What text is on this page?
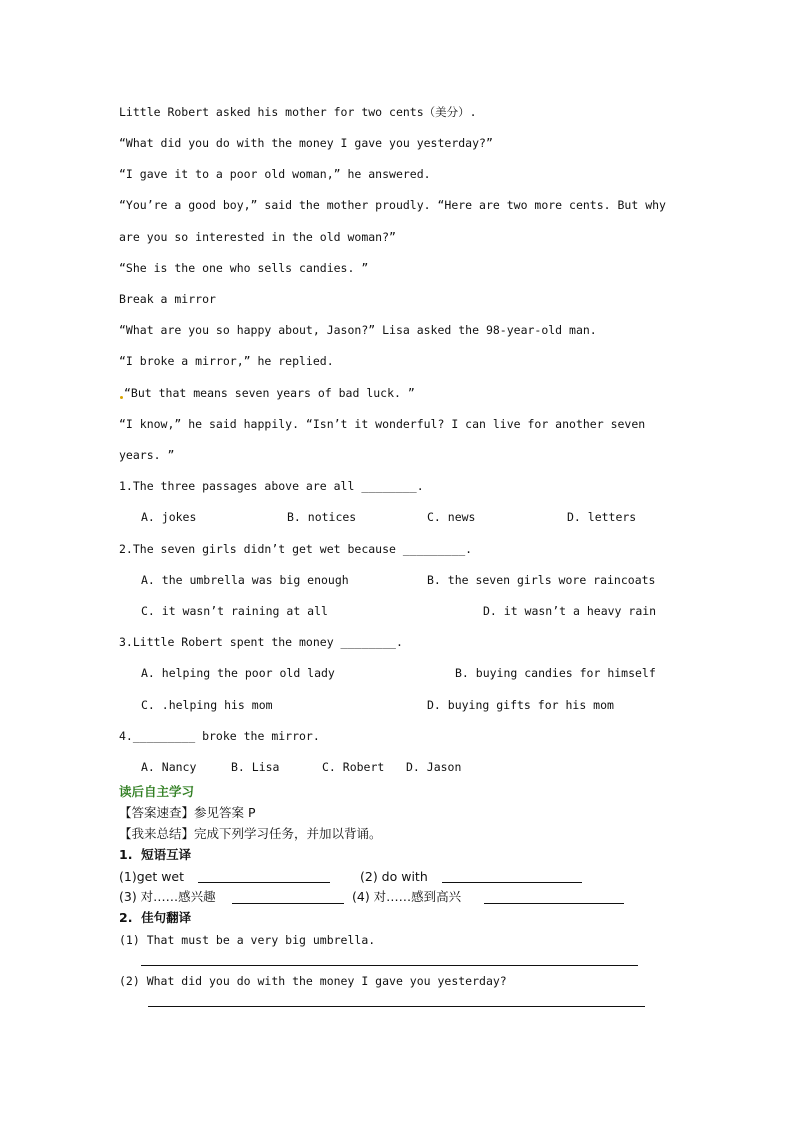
Little Robert asked his mother for two cents（美分）.
“What did you do with the money I gave you yesterday?”
“I gave it to a poor old woman,” he answered.
“You’re a good boy,” said the mother proudly. “Here are two more cents. But why
are you so interested in the old woman?”
“She is the one who sells candies. ”
Break a mirror
“What are you so happy about, Jason?” Lisa asked the 98-year-old man.
“I broke a mirror,” he replied.
“But that means seven years of bad luck. ”
“I know,” he said happily. “Isn’t it wonderful? I can live for another seven
years. ”
1.The three passages above are all ________.
A. jokes	B. notices	C. news	D. letters
2.The seven girls didn’t get wet because _________.
A. the umbrella was big enough	B. the seven girls wore raincoats
C. it wasn’t raining at all	D. it wasn’t a heavy rain
3.Little Robert spent the money ________.
A. helping the poor old lady	B. buying candies for himself
C. .helping his mom	D. buying gifts for his mom
4._________ broke the mirror.
A. Nancy	B. Lisa	C. Robert D. Jason
读后自主学习
【答案速查】参见答案 P
【我来总结】完成下列学习任务，并加以背诵。
1.  短语互译
(1)get wet	(2) do with
(3) 对……感兴趣	(4) 对……感到高兴
2.  佳句翻译
(1) That must be a very big umbrella.
(2) What did you do with the money I gave you yesterday?
